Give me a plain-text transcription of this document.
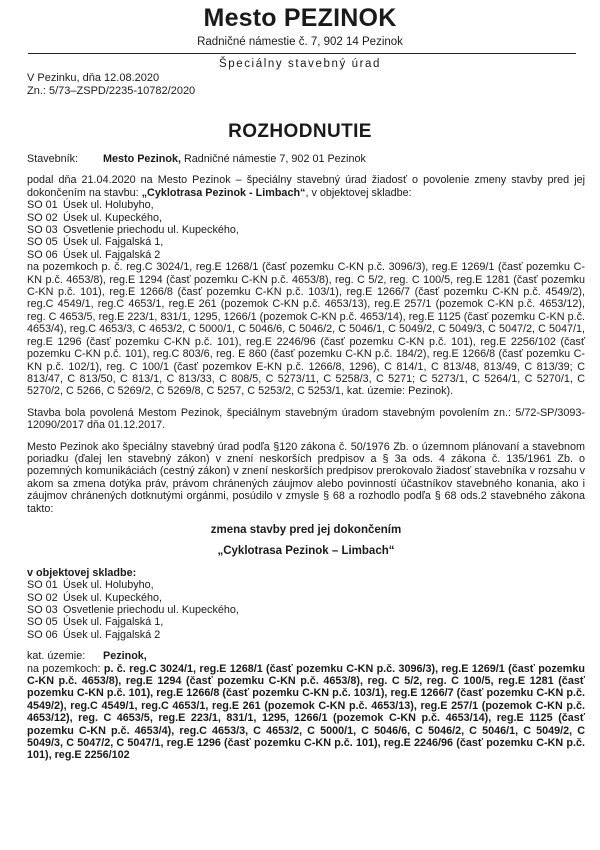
Mesto PEZINOK
Radničné námestie č. 7, 902 14 Pezinok
Špeciálny stavebný úrad
V Pezinku, dňa 12.08.2020
Zn.: 5/73–ZSPD/2235-10782/2020
ROZHODNUTIE

Stavebník: Mesto Pezinok, Radničné námestie 7, 902 01 Pezinok

podal dňa 21.04.2020 na Mesto Pezinok – špeciálny stavebný úrad žiadosť o povolenie zmeny stavby pred jej dokončením na stavbu: „Cyklotrasa Pezinok - Limbach“, v objektovej skladbe:

SO 01 Úsek ul. Holubyho,
SO 02 Úsek ul. Kupeckého,
SO 03 Osvetlenie priechodu ul. Kupeckého,
SO 05 Úsek ul. Fajgalská 1,
SO 06 Úsek ul. Fajgalská 2

na pozemkoch p. č. reg.C 3024/1, reg.E 1268/1 (časť pozemku C-KN p.č. 3096/3), reg.E 1269/1 (časť pozemku C-KN p.č. 4653/8), reg.E 1294 (časť pozemku C-KN p.č. 4653/8), reg. C 5/2, reg. C 100/5, reg.E 1281 (časť pozemku C-KN p.č. 101), reg.E 1266/8 (časť pozemku C-KN p.č. 103/1), reg.E 1266/7 (časť pozemku C-KN p.č. 4549/2), reg.C 4549/1, reg.C 4653/1, reg.E 261 (pozemok C-KN p.č. 4653/13), reg.E 257/1 (pozemok C-KN p.č. 4653/12), reg. C 4653/5, reg.E 223/1, 831/1, 1295, 1266/1 (pozemok C-KN p.č. 4653/14), reg.E 1125 (časť pozemku C-KN p.č. 4653/4), reg.C 4653/3, C 4653/2, C 5000/1, C 5046/6, C 5046/2, C 5046/1, C 5049/2, C 5049/3, C 5047/2, C 5047/1, reg.E 1296 (časť pozemku C-KN p.č. 101), reg.E 2246/96 (časť pozemku C-KN p.č. 101), reg.E 2256/102 (časť pozemku C-KN p.č. 101), reg.C 803/6, reg. E 860 (časť pozemku C-KN p.č. 184/2), reg.E 1266/8 (časť pozemku C-KN p.č. 102/1), reg. C 100/1 (časť pozemkov E-KN p.č. 1266/8, 1296), C 814/1, C 813/48, 813/49, C 813/39; C 813/47, C 813/50, C 813/1, C 813/33, C 808/5, C 5273/11, C 5258/3, C 5271; C 5273/1, C 5264/1, C 5270/1, C 5270/2, C 5266, C 5269/2, C 5269/8, C 5257, C 5253/2, C 5253/1, kat. územie: Pezinok).

Stavba bola povolená Mestom Pezinok, špeciálnym stavebným úradom stavebným povolením zn.: 5/72-SP/3093-12090/2017 dňa 01.12.2017.

Mesto Pezinok ako špeciálny stavebný úrad podľa §120 zákona č. 50/1976 Zb. o územnom plánovaní a stavebnom poriadku (ďalej len stavebný zákon) v znení neskorších predpisov a § 3a ods. 4 zákona č. 135/1961 Zb. o pozemných komunikáciách (cestný zákon) v znení neskorších predpisov prerokovalo žiadosť stavebníka v rozsahu v akom sa zmena dotýka práv, právom chránených záujmov alebo povinností účastníkov stavebného konania, ako i záujmov chránených dotknutými orgánmi, posúdilo v zmysle § 68 a rozhodlo podľa § 68 ods.2 stavebného zákona takto:

zmena stavby pred jej dokončením

„Cyklotrasa Pezinok – Limbach“

v objektovej skladbe:

SO 01 Úsek ul. Holubyho,
SO 02 Úsek ul. Kupeckého,
SO 03 Osvetlenie priechodu ul. Kupeckého,
SO 05 Úsek ul. Fajgalská 1,
SO 06 Úsek ul. Fajgalská 2

kat. územie: Pezinok,

na pozemkoch: p. č. reg.C 3024/1, reg.E 1268/1 (časť pozemku C-KN p.č. 3096/3), reg.E 1269/1 (časť pozemku C-KN p.č. 4653/8), reg.E 1294 (časť pozemku C-KN p.č. 4653/8), reg. C 5/2, reg. C 100/5, reg.E 1281 (časť pozemku C-KN p.č. 101), reg.E 1266/8 (časť pozemku C-KN p.č. 103/1), reg.E 1266/7 (časť pozemku C-KN p.č. 4549/2), reg.C 4549/1, reg.C 4653/1, reg.E 261 (pozemok C-KN p.č. 4653/13), reg.E 257/1 (pozemok C-KN p.č. 4653/12), reg. C 4653/5, reg.E 223/1, 831/1, 1295, 1266/1 (pozemok C-KN p.č. 4653/14), reg.E 1125 (časť pozemku C-KN p.č. 4653/4), reg.C 4653/3, C 4653/2, C 5000/1, C 5046/6, C 5046/2, C 5046/1, C 5049/2, C 5049/3, C 5047/2, C 5047/1, reg.E 1296 (časť pozemku C-KN p.č. 101), reg.E 2246/96 (časť pozemku C-KN p.č. 101), reg.E 2256/102
